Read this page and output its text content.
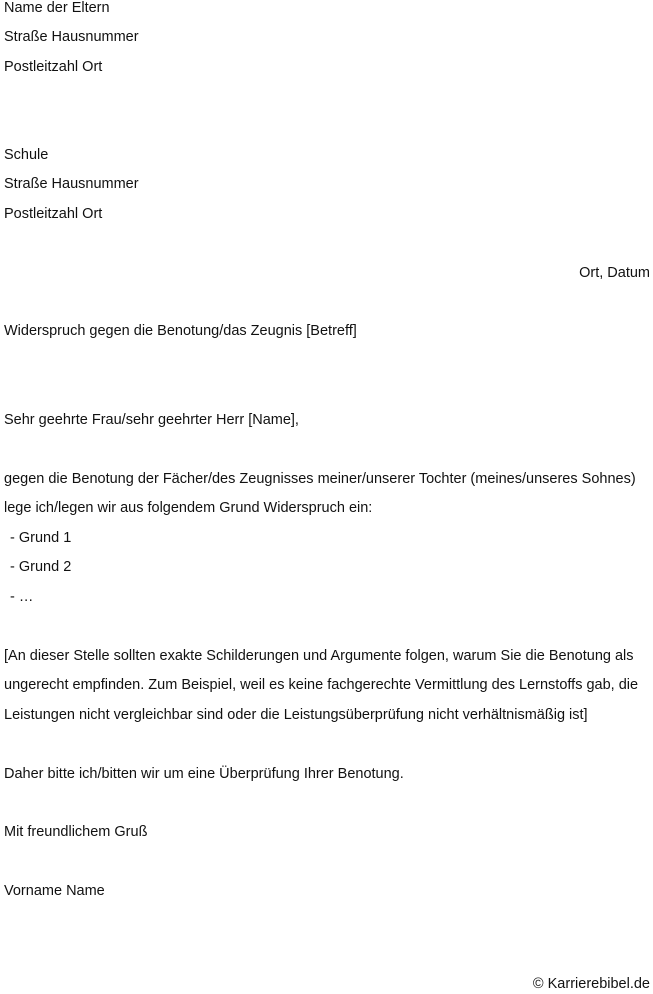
Name der Eltern
Straße Hausnummer
Postleitzahl Ort
Schule
Straße Hausnummer
Postleitzahl Ort
Ort, Datum
Widerspruch gegen die Benotung/das Zeugnis [Betreff]
Sehr geehrte Frau/sehr geehrter Herr [Name],
gegen die Benotung der Fächer/des Zeugnisses meiner/unserer Tochter (meines/unseres Sohnes)
lege ich/legen wir aus folgendem Grund Widerspruch ein:
- Grund 1
- Grund 2
- …
[An dieser Stelle sollten exakte Schilderungen und Argumente folgen, warum Sie die Benotung als
ungerecht empfinden. Zum Beispiel, weil es keine fachgerechte Vermittlung des Lernstoffs gab, die
Leistungen nicht vergleichbar sind oder die Leistungsüberprüfung nicht verhältnismäßig ist]
Daher bitte ich/bitten wir um eine Überprüfung Ihrer Benotung.
Mit freundlichem Gruß
Vorname Name
© Karrierebibel.de
